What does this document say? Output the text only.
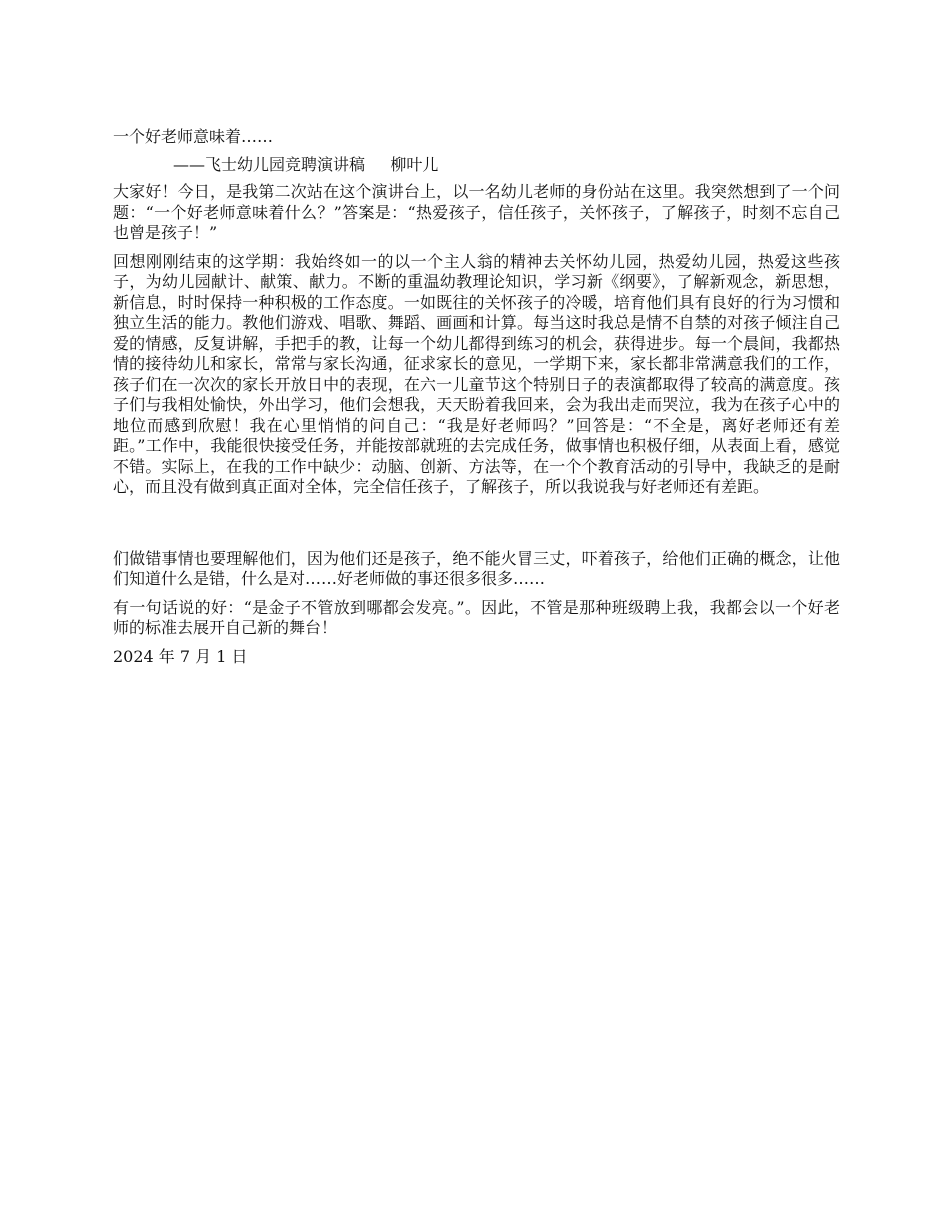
一个好老师意味着……

——飞士幼儿园竞聘演讲稿     柳叶儿

大家好！今日，是我第二次站在这个演讲台上，以一名幼儿老师的身份站在这里。我突然想到了一个问题：“一个好老师意味着什么？”答案是：“热爱孩子，信任孩子，关怀孩子，了解孩子，时刻不忘自己也曾是孩子！”

回想刚刚结束的这学期：我始终如一的以一个主人翁的精神去关怀幼儿园，热爱幼儿园，热爱这些孩子，为幼儿园献计、献策、献力。不断的重温幼教理论知识，学习新《纲要》，了解新观念，新思想，新信息，时时保持一种积极的工作态度。一如既往的关怀孩子的冷暖，培育他们具有良好的行为习惯和独立生活的能力。教他们游戏、唱歌、舞蹈、画画和计算。每当这时我总是情不自禁的对孩子倾注自己爱的情感，反复讲解，手把手的教，让每一个幼儿都得到练习的机会，获得进步。每一个晨间，我都热情的接待幼儿和家长，常常与家长沟通，征求家长的意见，一学期下来，家长都非常满意我们的工作，孩子们在一次次的家长开放日中的表现，在六一儿童节这个特别日子的表演都取得了较高的满意度。孩子们与我相处愉快，外出学习，他们会想我，天天盼着我回来，会为我出走而哭泣，我为在孩子心中的地位而感到欣慰！我在心里悄悄的问自己：“我是好老师吗？”回答是：“不全是，离好老师还有差距。”工作中，我能很快接受任务，并能按部就班的去完成任务，做事情也积极仔细，从表面上看，感觉不错。实际上，在我的工作中缺少：动脑、创新、方法等，在一个个教育活动的引导中，我缺乏的是耐心，而且没有做到真正面对全体，完全信任孩子，了解孩子，所以我说我与好老师还有差距。

们做错事情也要理解他们，因为他们还是孩子，绝不能火冒三丈，吓着孩子，给他们正确的概念，让他们知道什么是错，什么是对……好老师做的事还很多很多……

有一句话说的好：“是金子不管放到哪都会发亮。”。因此，不管是那种班级聘上我，我都会以一个好老师的标准去展开自己新的舞台！

2024 年 7 月 1 日
